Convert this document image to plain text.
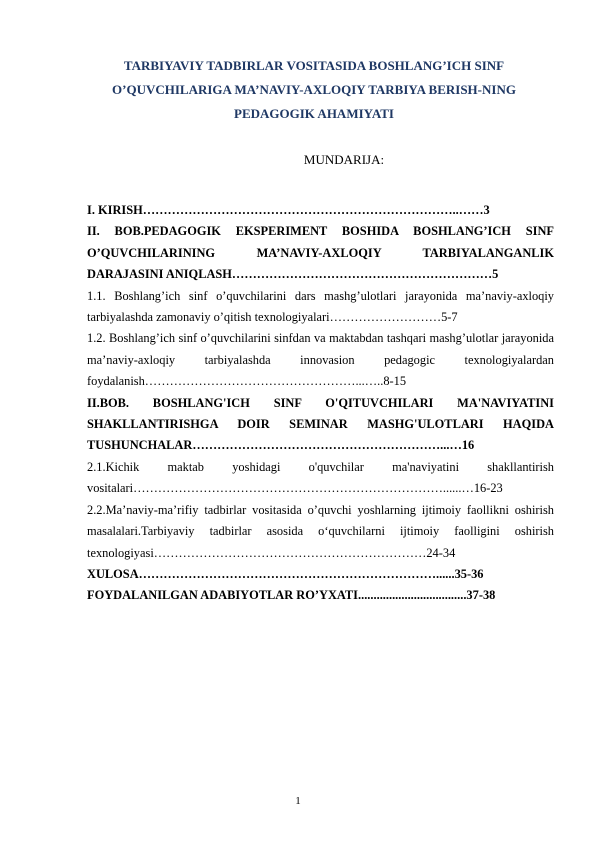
TARBIYAVIY TADBIRLAR VOSITASIDA BOSHLANG’ICH SINF
O’QUVCHILARIGA MA’NAVIY-AXLOQIY TARBIYA BERISH-NING
PEDAGOGIK AHAMIYATI
MUNDARIJA:

I. KIRISH…………………………………………………………………..……3

II. BOB.PEDAGOGIK EKSPERIMENT BOSHIDA BOSHLANG’ICH SINF O’QUVCHILARINING MA’NAVIY-AXLOQIY TARBIYALANGANLIK DARAJASINI ANIQLASH………………………………………………………5

1.1. Boshlang’ich sinf o’quvchilarini dars mashg’ulotlari jarayonida ma’naviy-axloqiy tarbiyalashda zamonaviy o’qitish texnologiyalari………………………5-7

1.2. Boshlang’ich sinf o’quvchilarini sinfdan va maktabdan tashqari mashg’ulotlar jarayonida ma’naviy-axloqiy tarbiyalashda innovasion pedagogic texnologiyalardan foydalanish……………………………………………...…..8-15

II.BOB. BOSHLANG'ICH SINF O'QITUVCHILARI MA'NAVIYATINI SHAKLLANTIRISHGA DOIR SEMINAR MASHG'ULOTLARI HAQIDA TUSHUNCHALAR……………………………………………………...…16

2.1.Kichik maktab yoshidagi o'quvchilar ma'naviyatini shakllantirish vositalari…………………………………………………………………......…16-23

2.2.Ma’naviy-ma’rifiy tadbirlar vositasida o’quvchi yoshlarning ijtimoiy faollikni oshirish masalalari.Tarbiyaviy tadbirlar asosida o‘quvchilarni ijtimoiy faolligini oshirish texnologiyasi…………………………………………………………24-34

XULOSA………………………………………………………………......35-36

FOYDALANILGAN ADABIYOTLAR RO’YXATI...................................37-38

1
